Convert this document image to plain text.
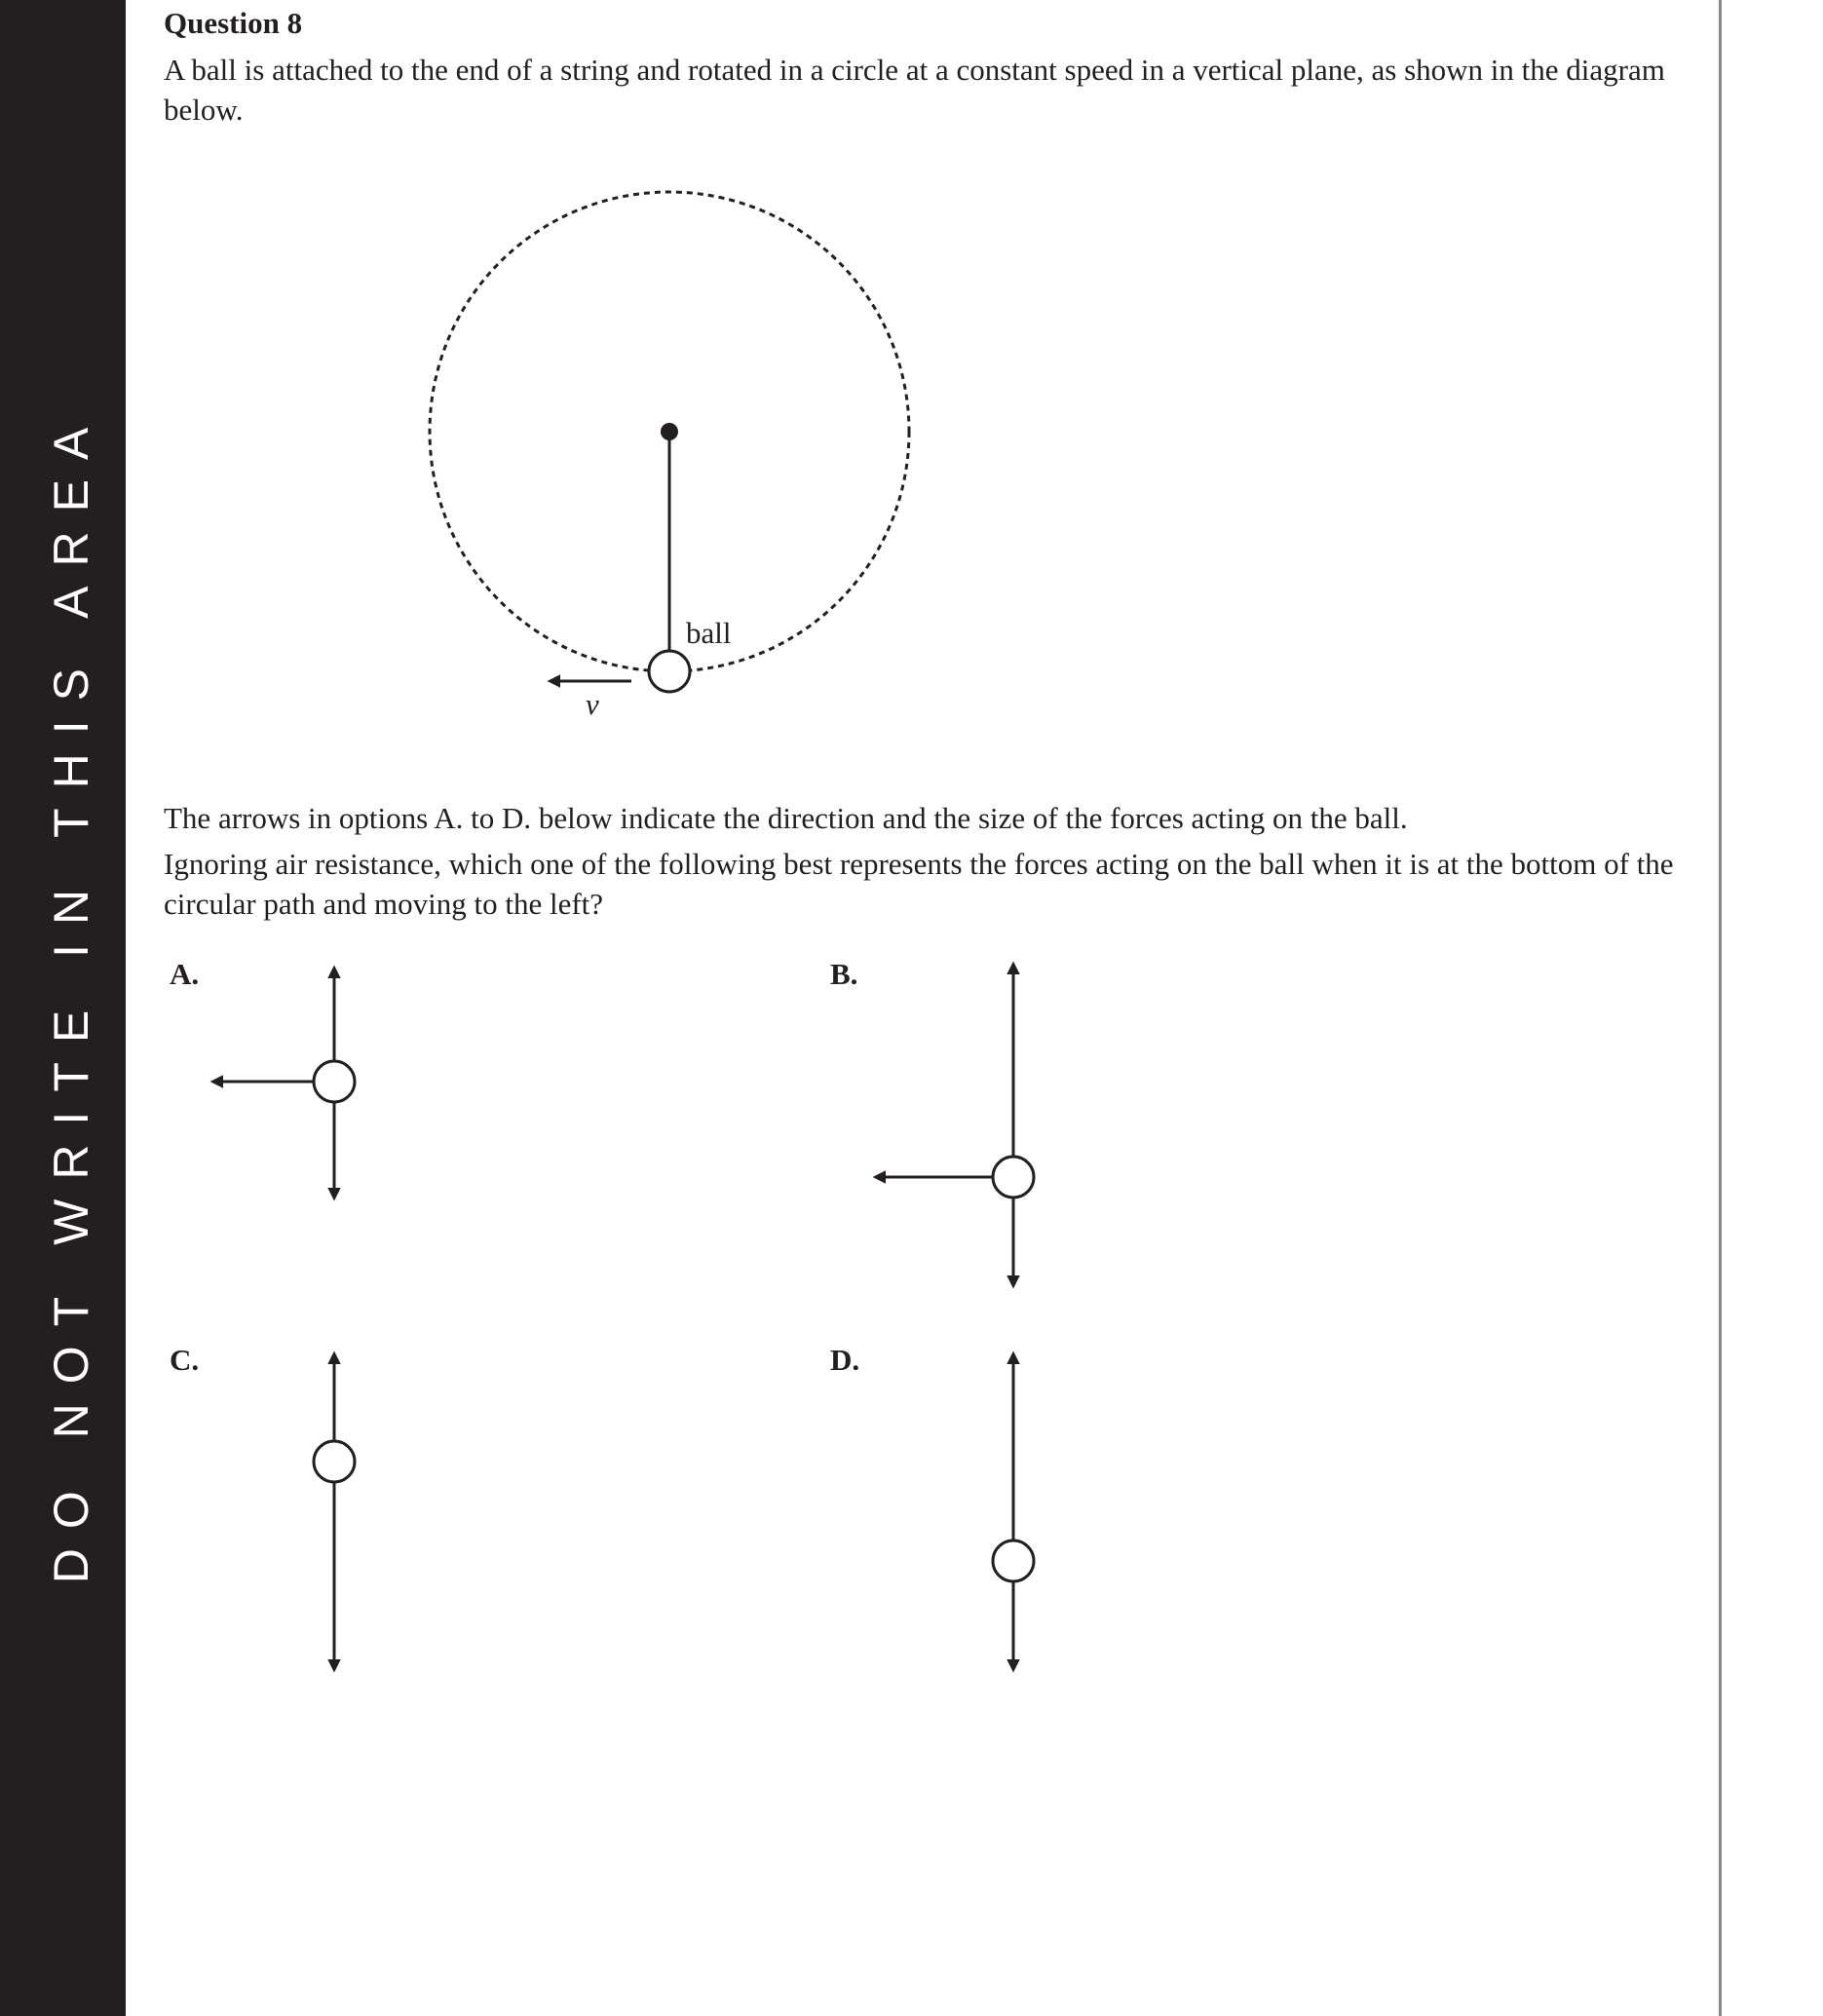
DO NOT WRITE IN THIS AREA
Question 8

A ball is attached to the end of a string and rotated in a circle at a constant speed in a vertical plane, as shown in the diagram below.

The arrows in options A. to D. below indicate the direction and the size of the forces acting on the ball.

Ignoring air resistance, which one of the following best represents the forces acting on the ball when it is at the bottom of the circular path and moving to the left?

ball
v
A.	B.
C.	D.
